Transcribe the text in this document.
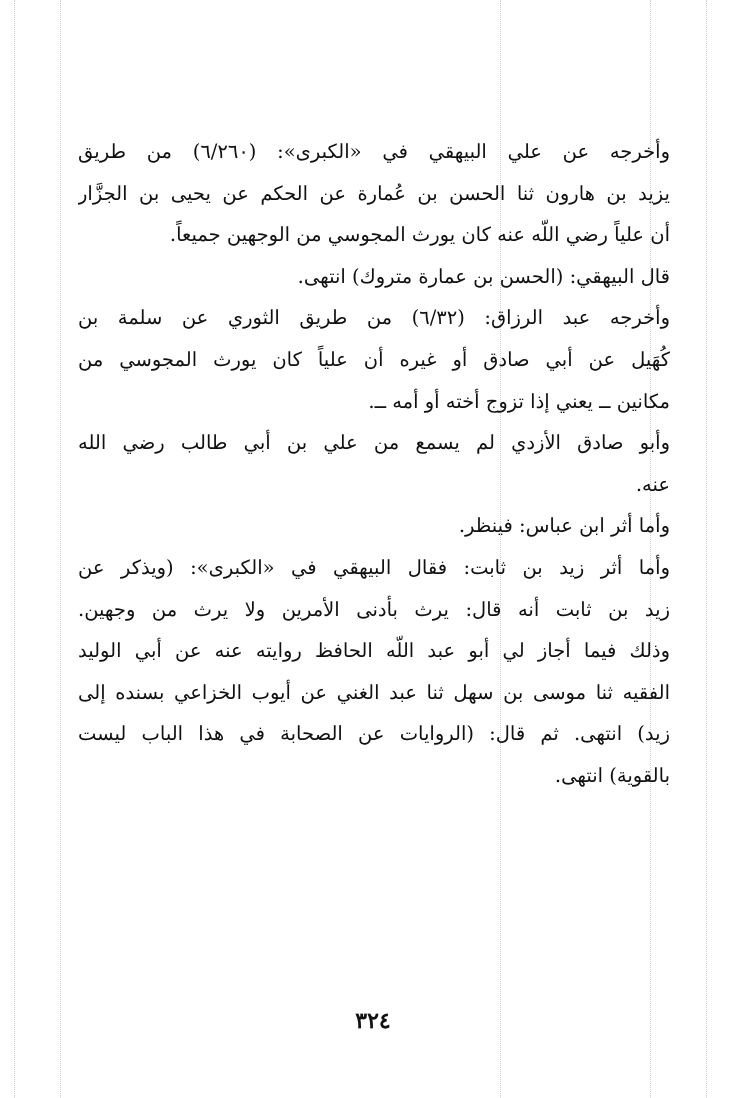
وأخرجه عن علي البيهقي في «الكبرى»: (٦/٢٦٠) من طريق
يزيد بن هارون ثنا الحسن بن عُمارة عن الحكم عن يحيى بن الجزَّار
أن علياً رضي اللّه عنه كان يورث المجوسي من الوجهين جميعاً.
قال البيهقي: (الحسن بن عمارة متروك) انتهى.
وأخرجه عبد الرزاق: (٦/٣٢) من طريق الثوري عن سلمة بن
كُهَيل عن أبي صادق أو غيره أن علياً كان يورث المجوسي من
مكانين ــ يعني إذا تزوج أخته أو أمه ــ.
وأبو صادق الأزدي لم يسمع من علي بن أبي طالب رضي الله
عنه.
وأما أثر ابن عباس: فينظر.
وأما أثر زيد بن ثابت: فقال البيهقي في «الكبرى»: (ويذكر عن
زيد بن ثابت أنه قال: يرث بأدنى الأمرين ولا يرث من وجهين.
وذلك فيما أجاز لي أبو عبد اللّه الحافظ روايته عنه عن أبي الوليد
الفقيه ثنا موسى بن سهل ثنا عبد الغني عن أيوب الخزاعي بسنده إلى
زيد) انتهى. ثم قال: (الروايات عن الصحابة في هذا الباب ليست
بالقوية) انتهى.
٣٢٤
